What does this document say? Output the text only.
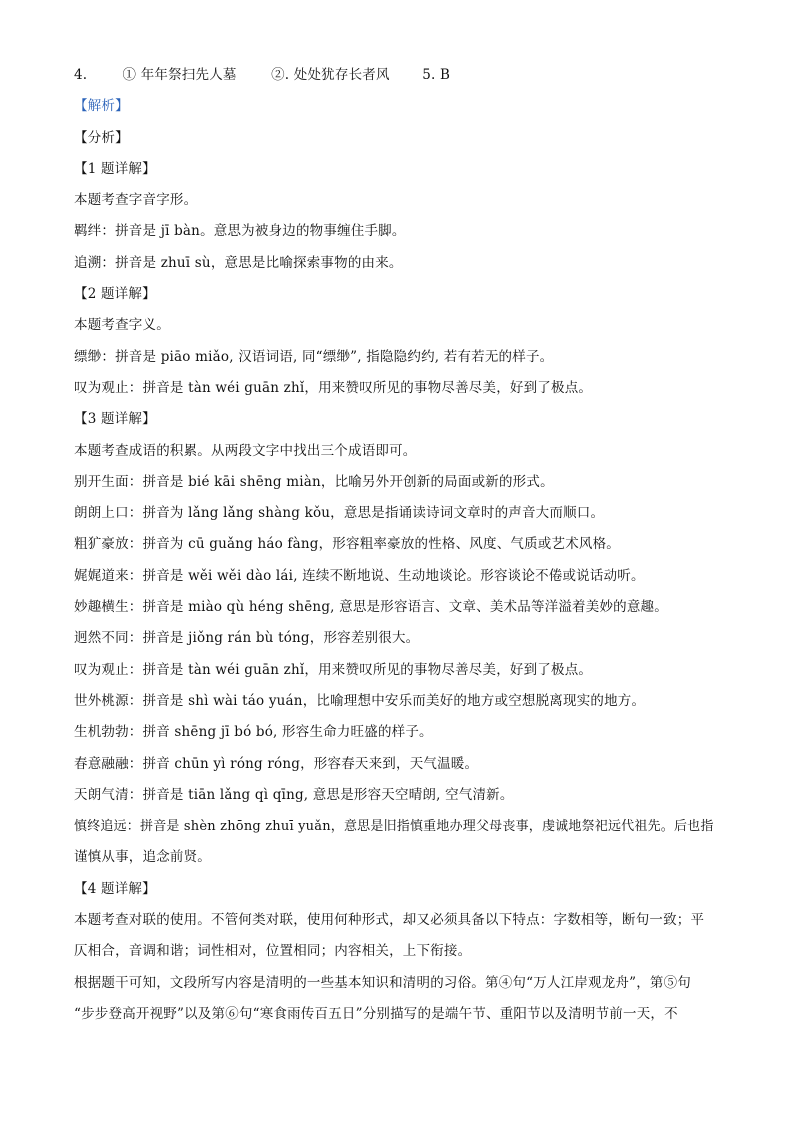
4.	① 年年祭扫先人墓	②. 处处犹存长者风 5. B
【解析】
【分析】
【1 题详解】
本题考查字音字形。
羁绊：拼音是 jī bàn。意思为被身边的物事缠住手脚。
追溯：拼音是 zhuī sù，意思是比喻探索事物的由来。
【2 题详解】
本题考查字义。
缥缈：拼音是 piāo miǎo, 汉语词语, 同“缥缈”, 指隐隐约约, 若有若无的样子。
叹为观止：拼音是 tàn wéi guān zhǐ，用来赞叹所见的事物尽善尽美，好到了极点。
【3 题详解】
本题考查成语的积累。从两段文字中找出三个成语即可。
别开生面：拼音是 bié kāi shēng miàn，比喻另外开创新的局面或新的形式。
朗朗上口：拼音为 lǎng lǎng shàng kǒu，意思是指诵读诗词文章时的声音大而顺口。
粗犷豪放：拼音为 cū guǎng háo fàng，形容粗率豪放的性格、风度、气质或艺术风格。
娓娓道来：拼音是 wěi wěi dào lái, 连续不断地说、生动地谈论。形容谈论不倦或说话动听。
妙趣横生：拼音是 miào qù héng shēng, 意思是形容语言、文章、美术品等洋溢着美妙的意趣。
迥然不同：拼音是 jiǒng rán bù tóng，形容差别很大。
叹为观止：拼音是 tàn wéi guān zhǐ，用来赞叹所见的事物尽善尽美，好到了极点。
世外桃源：拼音是 shì wài táo yuán，比喻理想中安乐而美好的地方或空想脱离现实的地方。
生机勃勃：拼音 shēng jī bó bó, 形容生命力旺盛的样子。
春意融融：拼音 chūn yì róng róng，形容春天来到，天气温暖。
天朗气清：拼音是 tiān lǎng qì qīng, 意思是形容天空晴朗, 空气清新。
慎终追远：拼音是 shèn zhōng zhuī yuǎn，意思是旧指慎重地办理父母丧事，虔诚地祭祀远代祖先。后也指
谨慎从事，追念前贤。
【4 题详解】
本题考查对联的使用。不管何类对联，使用何种形式，却又必须具备以下特点：字数相等，断句一致；平
仄相合，音调和谐；词性相对，位置相同；内容相关，上下衔接。
根据题干可知，文段所写内容是清明的一些基本知识和清明的习俗。第④句“万人江岸观龙舟”，第⑤句
“步步登高开视野”以及第⑥句“寒食雨传百五日”分别描写的是端午节、重阳节以及清明节前一天，不
